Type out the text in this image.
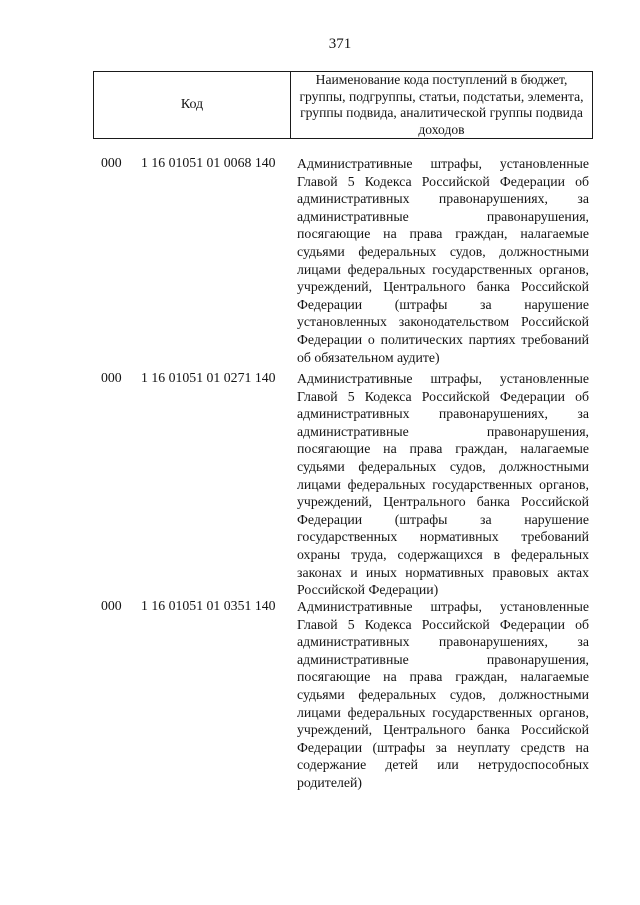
371
Код
Наименование кода поступлений в бюджет, группы, подгруппы, статьи, подстатьи, элемента, группы подвида, аналитической группы подвида доходов
000 1 16 01051 01 0068 140 Административные штрафы, установленные Главой 5 Кодекса Российской Федерации об административных правонарушениях, за административные правонарушения, посягающие на права граждан, налагаемые судьями федеральных судов, должностными лицами федеральных государственных органов, учреждений, Центрального банка Российской Федерации (штрафы за нарушение установленных законодательством Российской Федерации о политических партиях требований об обязательном аудите)
000 1 16 01051 01 0271 140 Административные штрафы, установленные Главой 5 Кодекса Российской Федерации об административных правонарушениях, за административные правонарушения, посягающие на права граждан, налагаемые судьями федеральных судов, должностными лицами федеральных государственных органов, учреждений, Центрального банка Российской Федерации (штрафы за нарушение государственных нормативных требований охраны труда, содержащихся в федеральных законах и иных нормативных правовых актах Российской Федерации)
000 1 16 01051 01 0351 140 Административные штрафы, установленные Главой 5 Кодекса Российской Федерации об административных правонарушениях, за административные правонарушения, посягающие на права граждан, налагаемые судьями федеральных судов, должностными лицами федеральных государственных органов, учреждений, Центрального банка Российской Федерации (штрафы за неуплату средств на содержание детей или нетрудоспособных родителей)
